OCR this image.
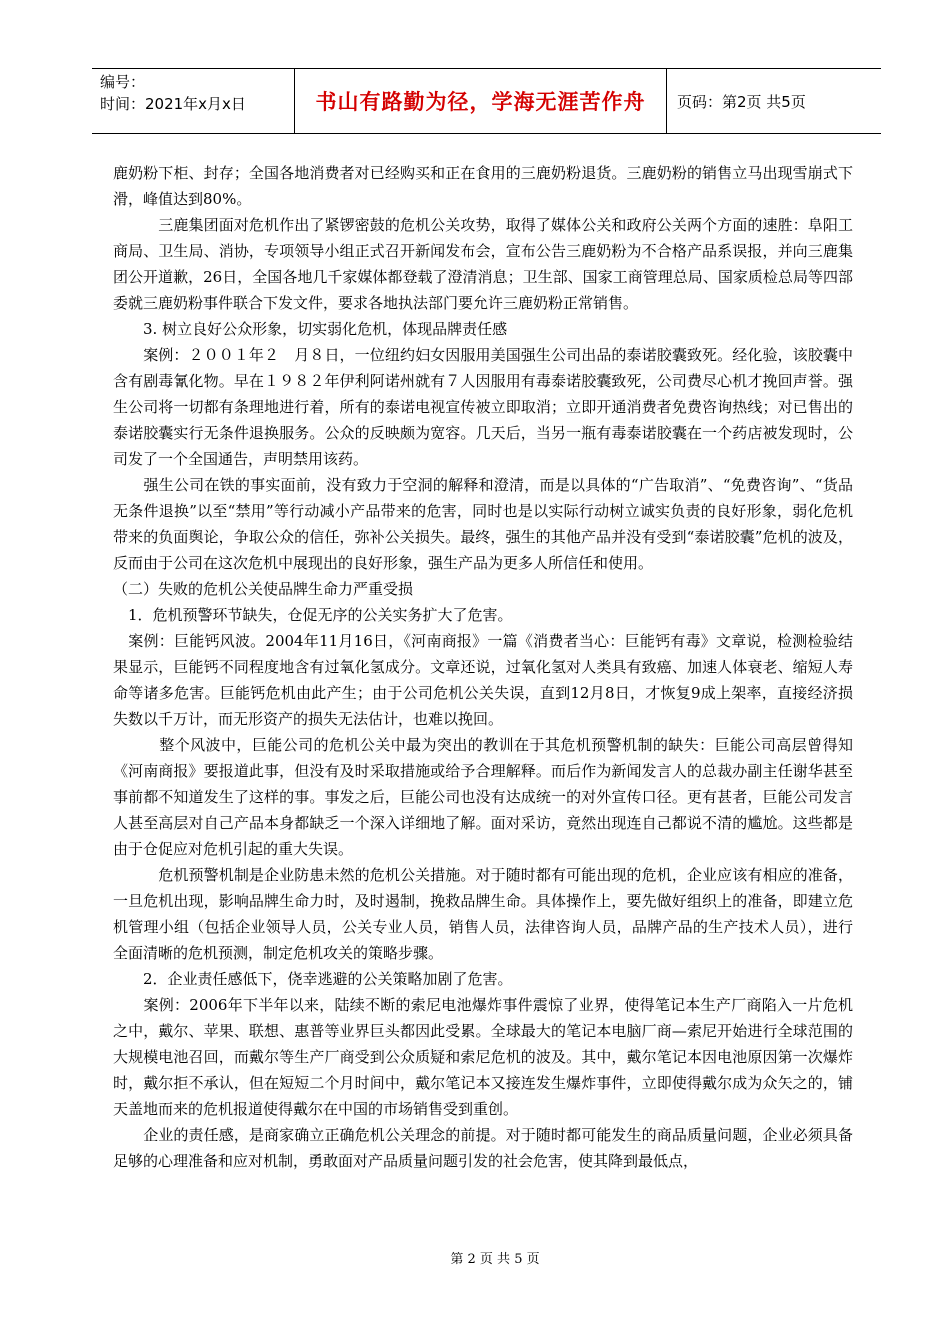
编号：
时间：2021年x月x日	书山有路勤为径，学海无涯苦作舟	页码：第2页 共5页

鹿奶粉下柜、封存；全国各地消费者对已经购买和正在食用的三鹿奶粉退货。三鹿奶粉的销售立马出现雪崩式下滑，峰值达到80%。

　　　三鹿集团面对危机作出了紧锣密鼓的危机公关攻势，取得了媒体公关和政府公关两个方面的速胜：阜阳工商局、卫生局、消协，专项领导小组正式召开新闻发布会，宣布公告三鹿奶粉为不合格产品系误报，并向三鹿集团公开道歉，26日，全国各地几千家媒体都登载了澄清消息；卫生部、国家工商管理总局、国家质检总局等四部委就三鹿奶粉事件联合下发文件，要求各地执法部门要允许三鹿奶粉正常销售。

　　3. 树立良好公众形象，切实弱化危机，体现品牌责任感

　　案例：２００１年２　月８日，一位纽约妇女因服用美国强生公司出品的泰诺胶囊致死。经化验，该胶囊中含有剧毒氰化物。早在１９８２年伊利阿诺州就有７人因服用有毒泰诺胶囊致死，公司费尽心机才挽回声誉。强生公司将一切都有条理地进行着，所有的泰诺电视宣传被立即取消；立即开通消费者免费咨询热线；对已售出的泰诺胶囊实行无条件退换服务。公众的反映颇为宽容。几天后，当另一瓶有毒泰诺胶囊在一个药店被发现时，公司发了一个全国通告，声明禁用该药。

　　强生公司在铁的事实面前，没有致力于空洞的解释和澄清，而是以具体的“广告取消”、“免费咨询”、“货品无条件退换”以至“禁用”等行动减小产品带来的危害，同时也是以实际行动树立诚实负责的良好形象，弱化危机带来的负面舆论，争取公众的信任，弥补公关损失。最终，强生的其他产品并没有受到“泰诺胶囊”危机的波及，反而由于公司在这次危机中展现出的良好形象，强生产品为更多人所信任和使用。

（二）失败的危机公关使品牌生命力严重受损

　1．危机预警环节缺失，仓促无序的公关实务扩大了危害。

　案例：巨能钙风波。2004年11月16日，《河南商报》一篇《消费者当心：巨能钙有毒》文章说，检测检验结果显示，巨能钙不同程度地含有过氧化氢成分。文章还说，过氧化氢对人类具有致癌、加速人体衰老、缩短人寿命等诸多危害。巨能钙危机由此产生；由于公司危机公关失误，直到12月8日，才恢复9成上架率，直接经济损失数以千万计，而无形资产的损失无法估计，也难以挽回。

　　　整个风波中，巨能公司的危机公关中最为突出的教训在于其危机预警机制的缺失：巨能公司高层曾得知《河南商报》要报道此事，但没有及时采取措施或给予合理解释。而后作为新闻发言人的总裁办副主任谢华甚至事前都不知道发生了这样的事。事发之后，巨能公司也没有达成统一的对外宣传口径。更有甚者，巨能公司发言人甚至高层对自己产品本身都缺乏一个深入详细地了解。面对采访，竟然出现连自己都说不清的尴尬。这些都是由于仓促应对危机引起的重大失误。

　　　危机预警机制是企业防患未然的危机公关措施。对于随时都有可能出现的危机，企业应该有相应的准备，一旦危机出现，影响品牌生命力时，及时遏制，挽救品牌生命。具体操作上，要先做好组织上的准备，即建立危机管理小组（包括企业领导人员，公关专业人员，销售人员，法律咨询人员，品牌产品的生产技术人员），进行全面清晰的危机预测，制定危机攻关的策略步骤。

　　2．企业责任感低下，侥幸逃避的公关策略加剧了危害。

　　案例：2006年下半年以来，陆续不断的索尼电池爆炸事件震惊了业界，使得笔记本生产厂商陷入一片危机之中，戴尔、苹果、联想、惠普等业界巨头都因此受累。全球最大的笔记本电脑厂商—索尼开始进行全球范围的大规模电池召回，而戴尔等生产厂商受到公众质疑和索尼危机的波及。其中，戴尔笔记本因电池原因第一次爆炸时，戴尔拒不承认，但在短短二个月时间中，戴尔笔记本又接连发生爆炸事件，立即使得戴尔成为众矢之的，铺天盖地而来的危机报道使得戴尔在中国的市场销售受到重创。

　　企业的责任感，是商家确立正确危机公关理念的前提。对于随时都可能发生的商品质量问题，企业必须具备足够的心理准备和应对机制，勇敢面对产品质量问题引发的社会危害，使其降到最低点，

第 2 页 共 5 页
